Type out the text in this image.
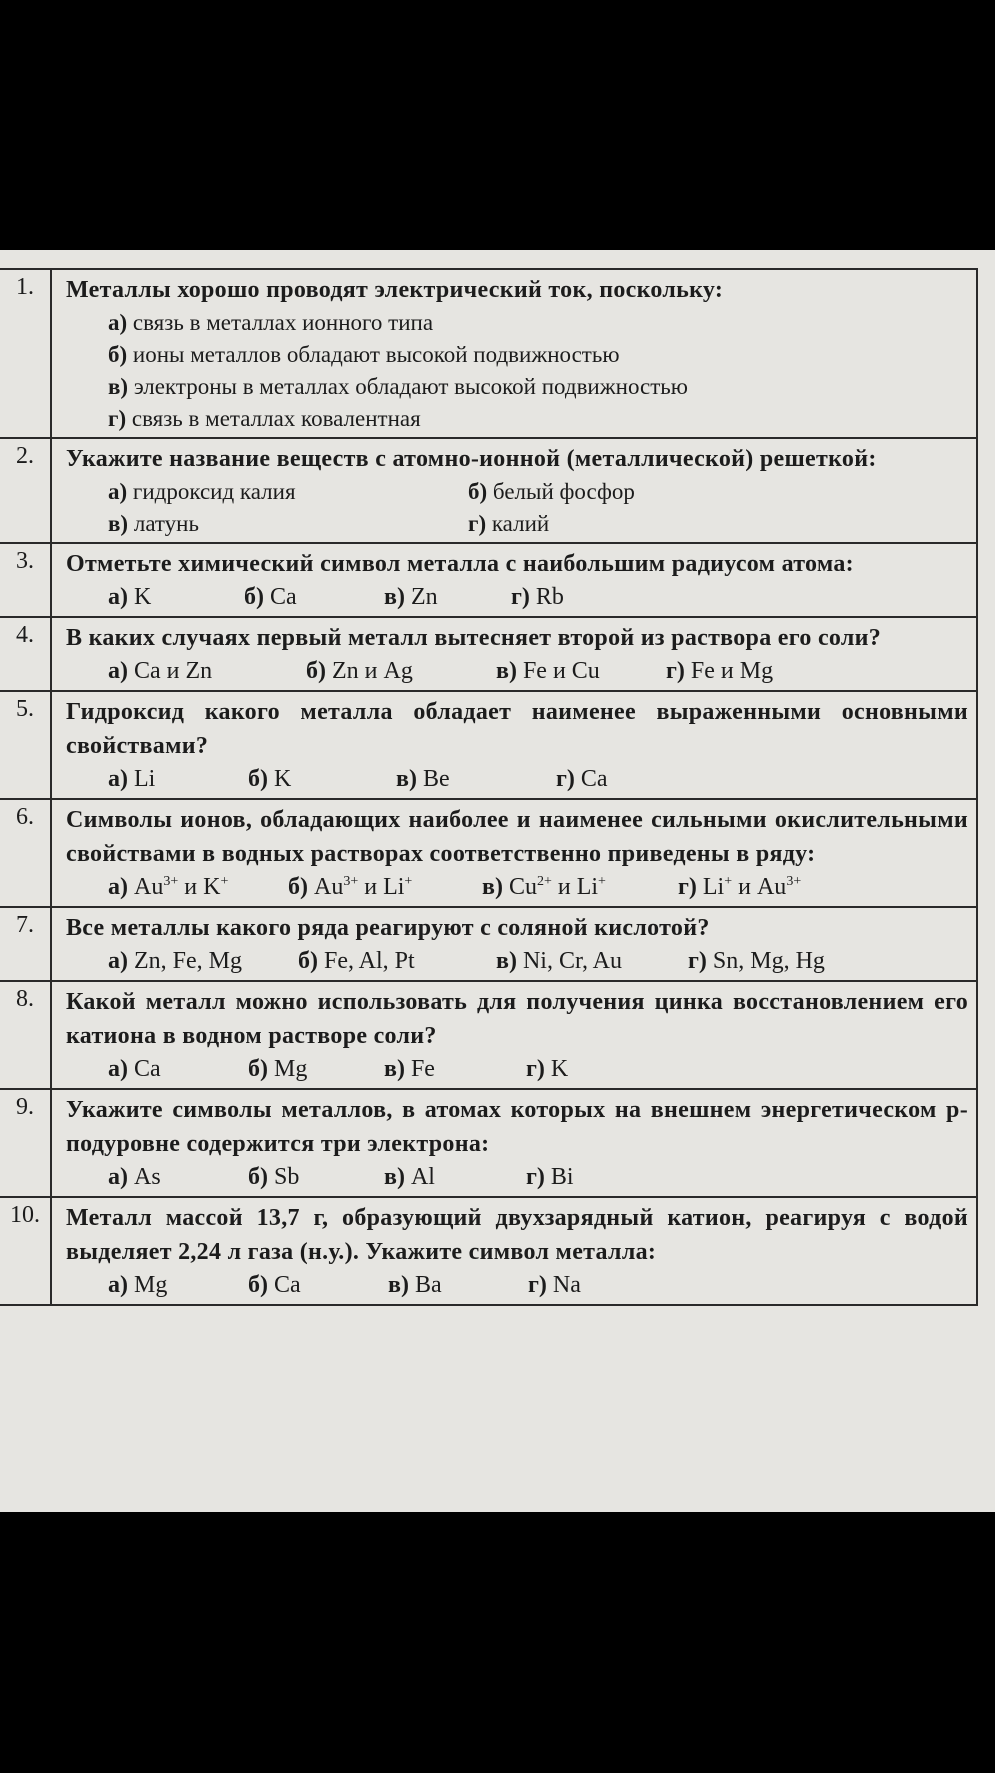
1.	Металлы хорошо проводят электрический ток, поскольку:
а) связь в металлах ионного типа
б) ионы металлов обладают высокой подвижностью
в) электроны в металлах обладают высокой подвижностью
г) связь в металлах ковалентная
2.	Укажите название веществ с атомно-ионной (металлической) решеткой:
а) гидроксид калия	б) белый фосфор
в) латунь	г) калий
3.	Отметьте химический символ металла с наибольшим радиусом атома:
а) K	б) Ca	в) Zn	г) Rb
4.	В каких случаях первый металл вытесняет второй из раствора его соли?
а) Ca и Zn	б) Zn и Ag	в) Fe и Cu	г) Fe и Mg
5.	Гидроксид какого металла обладает наименее выраженными основными свойствами?
а) Li	б) K	в) Be	г) Ca
6.	Символы ионов, обладающих наиболее и наименее сильными окислительными свойствами в водных растворах соответственно приведены в ряду:
а) $Au^{3+}$ и K+ б) $Au^{3+}$ и Li+	в) $Cu^{2+}$ и Li+	г) Li+ и $Au^{3+}$
7.	Все металлы какого ряда реагируют с соляной кислотой?
а) Zn, Fe, Mg б) Fe, Al, Pt	в) Ni, Cr, Au	г) Sn, Mg, Hg
8.	Какой металл можно использовать для получения цинка восстановлением его катиона в водном растворе соли?
а) Ca	б) Mg	в) Fe	г) K
9.	Укажите символы металлов, в атомах которых на внешнем энергетическом р-подуровне содержится три электрона:
а) As	б) Sb	в) Al	г) Bi
10.	Металл массой 13,7 г, образующий двухзарядный катион, реагируя с водой выделяет 2,24 л газа (н.у.). Укажите символ металла:
а) Mg	б) Ca	в) Ba	г) Na
